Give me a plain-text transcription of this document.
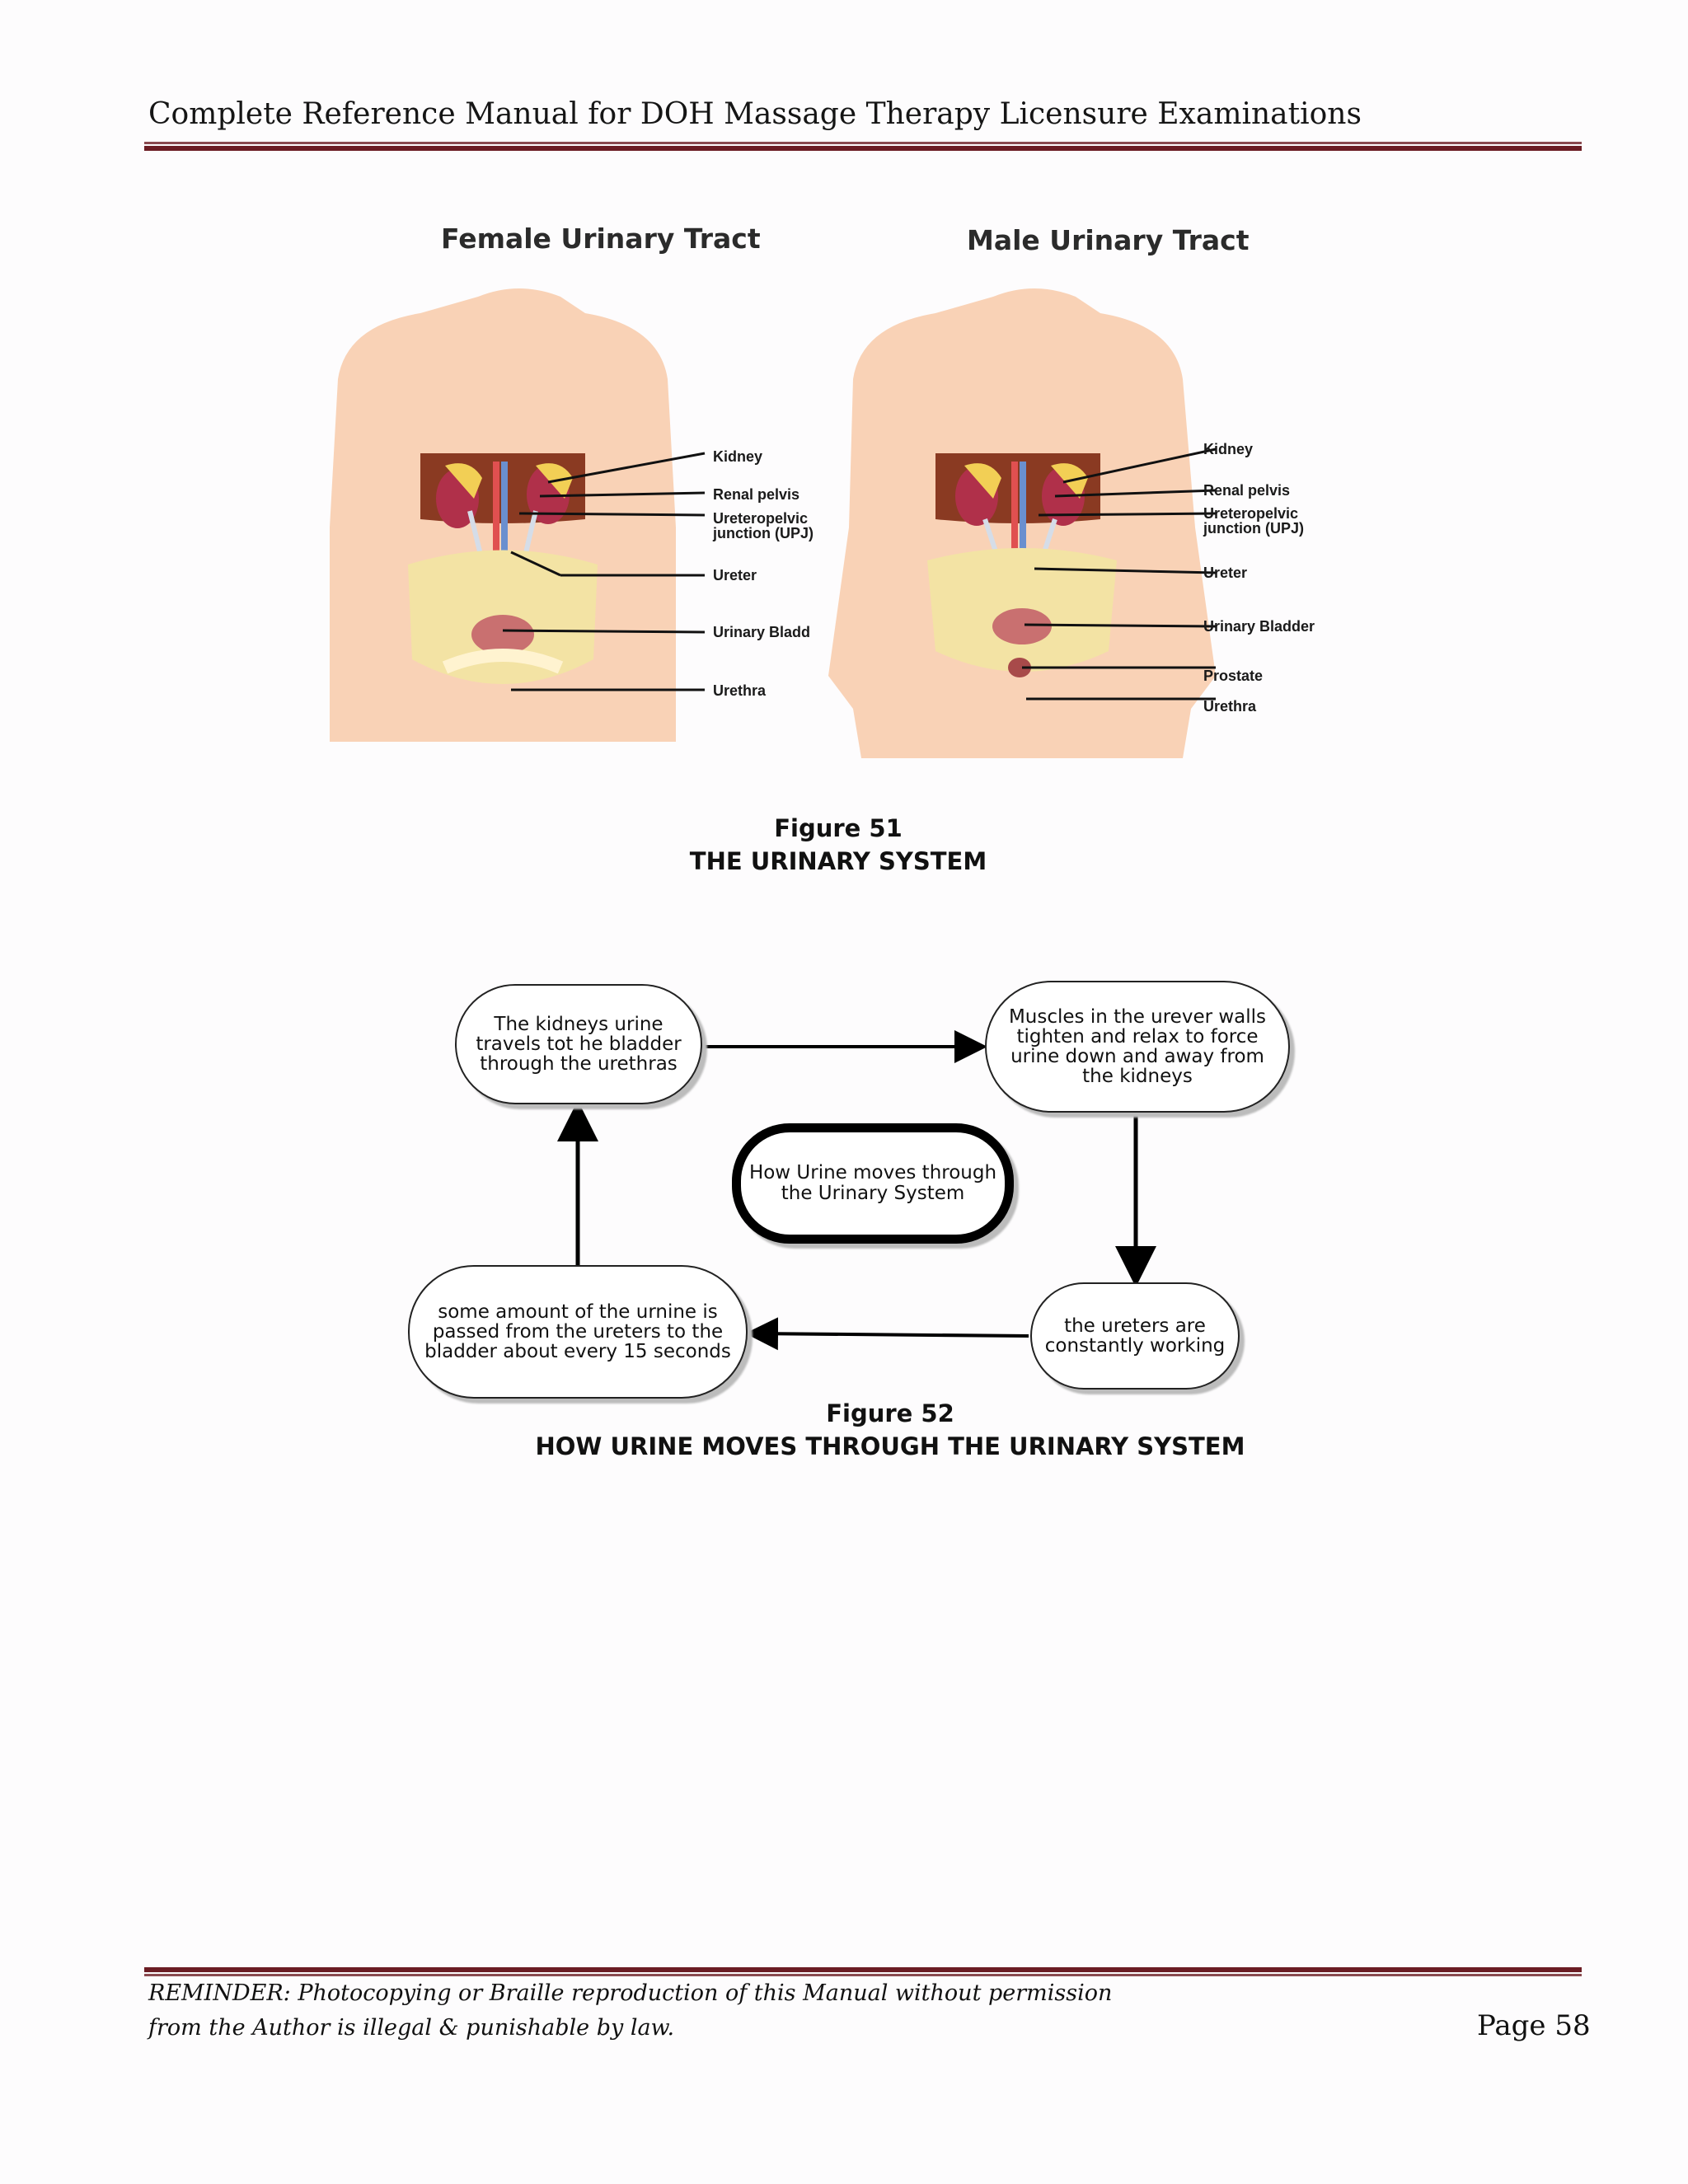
Complete Reference Manual for DOH Massage Therapy Licensure Examinations
Female Urinary Tract	Male Urinary Tract
Kidney
Renal pelvis
Ureteropelvic
junction (UPJ)
Ureter
Urinary Bladd
Urethra
Kidney
Renal pelvis
Ureteropelvic
junction (UPJ)
Ureter
Urinary Bladder
Prostate
Urethra
Figure 51
THE URINARY SYSTEM
The kidneys urine travels tot he bladder through the urethras
Muscles in the urever walls tighten and relax to force urine down and away from the kidneys
How Urine moves through the Urinary System
the ureters are constantly working
some amount of the urnine is passed from the ureters to the bladder about every 15 seconds
Figure 52
HOW URINE MOVES THROUGH THE URINARY SYSTEM
REMINDER: Photocopying or Braille reproduction of this Manual without permission
from the Author is illegal & punishable by law.	Page 58
